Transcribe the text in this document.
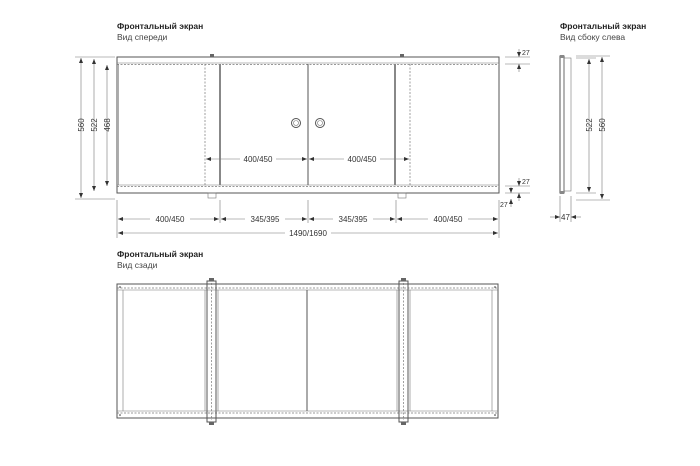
Фронтальный экран
Вид спереди
560 522 468
400/450	400/450
400/450	345/395	345/395	400/450
1490/1690
27
27
27
Фронтальный экран
Вид сбоку слева
522 560
47
Фронтальный экран
Вид сзади
